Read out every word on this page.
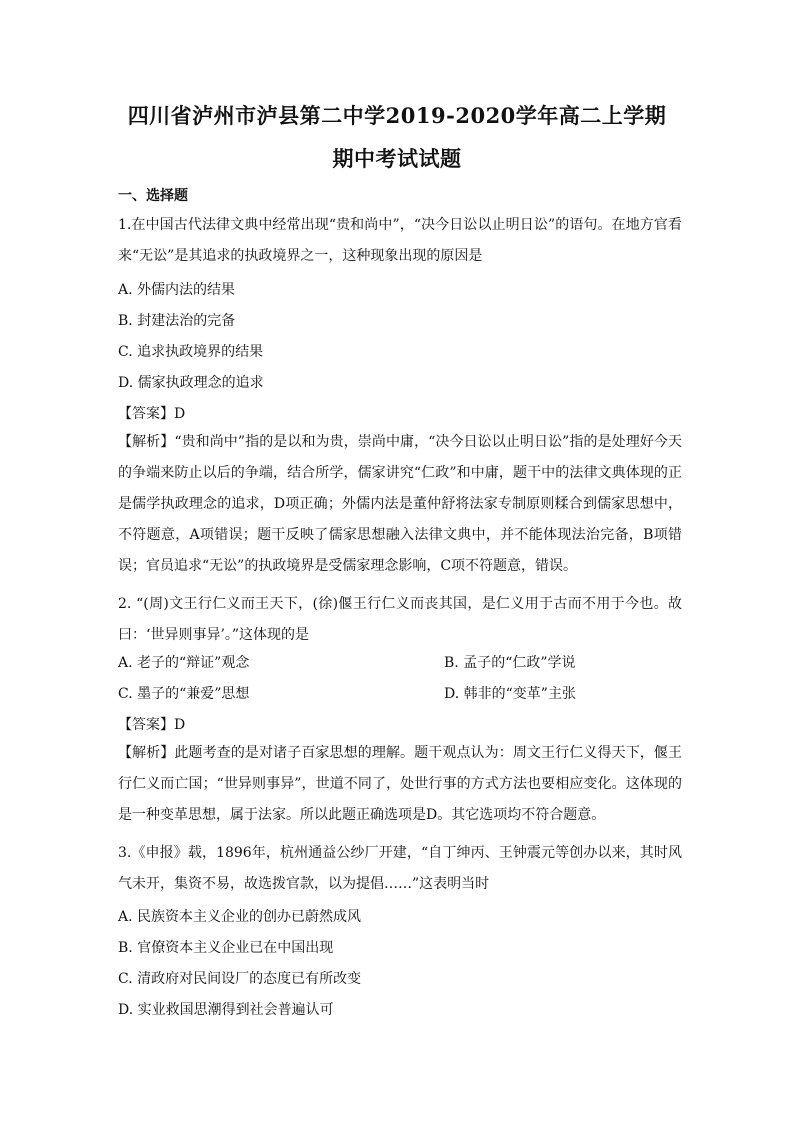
四川省泸州市泸县第二中学2019-2020学年高二上学期
期中考试试题
一、选择题
1.在中国古代法律文典中经常出现“贵和尚中”，“决今日讼以止明日讼”的语句。在地方官看来“无讼”是其追求的执政境界之一，这种现象出现的原因是
A. 外儒内法的结果
B. 封建法治的完备
C. 追求执政境界的结果
D. 儒家执政理念的追求
【答案】D
【解析】“贵和尚中”指的是以和为贵，崇尚中庸，“决今日讼以止明日讼”指的是处理好今天的争端来防止以后的争端，结合所学，儒家讲究“仁政”和中庸，题干中的法律文典体现的正是儒学执政理念的追求，D项正确；外儒内法是董仲舒将法家专制原则糅合到儒家思想中，不符题意，A项错误；题干反映了儒家思想融入法律文典中，并不能体现法治完备，B项错误；官员追求“无讼”的执政境界是受儒家理念影响，C项不符题意，错误。
2. “(周)文王行仁义而王天下，(徐)偃王行仁义而丧其国，是仁义用于古而不用于今也。故曰：‘世异则事异’。”这体现的是
A. 老子的“辩证”观念	B. 孟子的“仁政”学说
C. 墨子的“兼爱”思想	D. 韩非的“变革”主张
【答案】D
【解析】此题考查的是对诸子百家思想的理解。题干观点认为：周文王行仁义得天下，偃王行仁义而亡国；“世异则事异”，世道不同了，处世行事的方式方法也要相应变化。这体现的是一种变革思想，属于法家。所以此题正确选项是D。其它选项均不符合题意。
3.《申报》载，1896年，杭州通益公纱厂开建，“自丁绅丙、王钟震元等创办以来，其时风气未开，集资不易，故选拨官款，以为提倡……”这表明当时
A. 民族资本主义企业的创办已蔚然成风
B. 官僚资本主义企业已在中国出现
C. 清政府对民间设厂的态度已有所改变
D. 实业救国思潮得到社会普遍认可
